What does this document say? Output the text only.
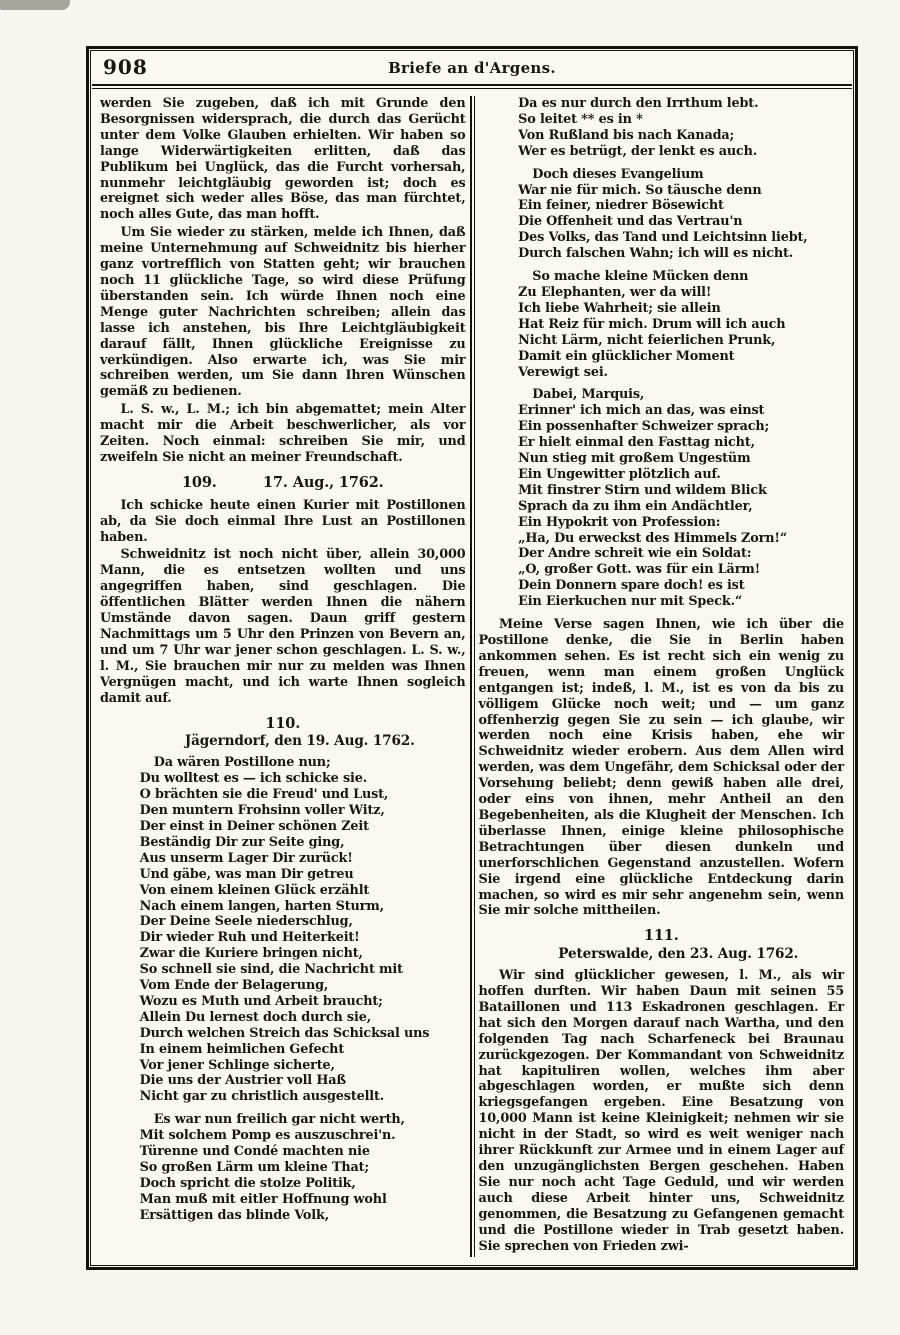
908	Briefe an d'Argens.

werden Sie zugeben, daß ich mit Grunde den Besorgnissen widersprach, die durch das Gerücht unter dem Volke Glauben erhielten. Wir haben so lange Widerwärtigkeiten erlitten, daß das Publikum bei Unglück, das die Furcht vorhersah, nunmehr leichtgläubig geworden ist; doch es ereignet sich weder alles Böse, das man fürchtet, noch alles Gute, das man hofft.

Um Sie wieder zu stärken, melde ich Ihnen, daß meine Unternehmung auf Schweidnitz bis hierher ganz vortrefflich von Statten geht; wir brauchen noch 11 glückliche Tage, so wird diese Prüfung überstanden sein. Ich würde Ihnen noch eine Menge guter Nachrichten schreiben; allein das lasse ich anstehen, bis Ihre Leichtgläubigkeit darauf fällt, Ihnen glückliche Ereignisse zu verkündigen. Also erwarte ich, was Sie mir schreiben werden, um Sie dann Ihren Wünschen gemäß zu bedienen.

L. S. w., L. M.; ich bin abgemattet; mein Alter macht mir die Arbeit beschwerlicher, als vor Zeiten. Noch einmal: schreiben Sie mir, und zweifeln Sie nicht an meiner Freundschaft.

109.	17. Aug., 1762.

Ich schicke heute einen Kurier mit Postillonen ab, da Sie doch einmal Ihre Lust an Postillonen haben.

Schweidnitz ist noch nicht über, allein 30,000 Mann, die es entsetzen wollten und uns angegriffen haben, sind geschlagen. Die öffentlichen Blätter werden Ihnen die nähern Umstände davon sagen. Daun griff gestern Nachmittags um 5 Uhr den Prinzen von Bevern an, und um 7 Uhr war jener schon geschlagen. L. S. w., l. M., Sie brauchen mir nur zu melden was Ihnen Vergnügen macht, und ich warte Ihnen sogleich damit auf.

110.
Jägerndorf, den 19. Aug. 1762.

Da wären Postillone nun;

Du wolltest es — ich schicke sie.

O brächten sie die Freud' und Lust,

Den muntern Frohsinn voller Witz,

Der einst in Deiner schönen Zeit

Beständig Dir zur Seite ging,

Aus unserm Lager Dir zurück!

Und gäbe, was man Dir getreu

Von einem kleinen Glück erzählt

Nach einem langen, harten Sturm,

Der Deine Seele niederschlug,

Dir wieder Ruh und Heiterkeit!

Zwar die Kuriere bringen nicht,

So schnell sie sind, die Nachricht mit

Vom Ende der Belagerung,

Wozu es Muth und Arbeit braucht;

Allein Du lernest doch durch sie,

Durch welchen Streich das Schicksal uns

In einem heimlichen Gefecht

Vor jener Schlinge sicherte,

Die uns der Austrier voll Haß

Nicht gar zu christlich ausgestellt.

Es war nun freilich gar nicht werth,

Mit solchem Pomp es auszuschrei'n.

Türenne und Condé machten nie

So großen Lärm um kleine That;

Doch spricht die stolze Politik,

Man muß mit eitler Hoffnung wohl

Ersättigen das blinde Volk,

Da es nur durch den Irrthum lebt.

So leitet ** es in *

Von Rußland bis nach Kanada;

Wer es betrügt, der lenkt es auch.

Doch dieses Evangelium

War nie für mich. So täusche denn

Ein feiner, niedrer Bösewicht

Die Offenheit und das Vertrau'n

Des Volks, das Tand und Leichtsinn liebt,

Durch falschen Wahn; ich will es nicht.

So mache kleine Mücken denn

Zu Elephanten, wer da will!

Ich liebe Wahrheit; sie allein

Hat Reiz für mich. Drum will ich auch

Nicht Lärm, nicht feierlichen Prunk,

Damit ein glücklicher Moment

Verewigt sei.

Dabei, Marquis,

Erinner' ich mich an das, was einst

Ein possenhafter Schweizer sprach;

Er hielt einmal den Fasttag nicht,

Nun stieg mit großem Ungestüm

Ein Ungewitter plötzlich auf.

Mit finstrer Stirn und wildem Blick

Sprach da zu ihm ein Andächtler,

Ein Hypokrit von Profession:

„Ha, Du erweckst des Himmels Zorn!“

Der Andre schreit wie ein Soldat:

„O, großer Gott. was für ein Lärm!

Dein Donnern spare doch! es ist

Ein Eierkuchen nur mit Speck.“

Meine Verse sagen Ihnen, wie ich über die Postillone denke, die Sie in Berlin haben ankommen sehen. Es ist recht sich ein wenig zu freuen, wenn man einem großen Unglück entgangen ist; indeß, l. M., ist es von da bis zu völligem Glücke noch weit; und — um ganz offenherzig gegen Sie zu sein — ich glaube, wir werden noch eine Krisis haben, ehe wir Schweidnitz wieder erobern. Aus dem Allen wird werden, was dem Ungefähr, dem Schicksal oder der Vorsehung beliebt; denn gewiß haben alle drei, oder eins von ihnen, mehr Antheil an den Begebenheiten, als die Klugheit der Menschen. Ich überlasse Ihnen, einige kleine philosophische Betrachtungen über diesen dunkeln und unerforschlichen Gegenstand anzustellen. Wofern Sie irgend eine glückliche Entdeckung darin machen, so wird es mir sehr angenehm sein, wenn Sie mir solche mittheilen.

111.
Peterswalde, den 23. Aug. 1762.

Wir sind glücklicher gewesen, l. M., als wir hoffen durften. Wir haben Daun mit seinen 55 Bataillonen und 113 Eskadronen geschlagen. Er hat sich den Morgen darauf nach Wartha, und den folgenden Tag nach Scharfeneck bei Braunau zurückgezogen. Der Kommandant von Schweidnitz hat kapituliren wollen, welches ihm aber abgeschlagen worden, er mußte sich denn kriegsgefangen ergeben. Eine Besatzung von 10,000 Mann ist keine Kleinigkeit; nehmen wir sie nicht in der Stadt, so wird es weit weniger nach ihrer Rückkunft zur Armee und in einem Lager auf den unzugänglichsten Bergen geschehen. Haben Sie nur noch acht Tage Geduld, und wir werden auch diese Arbeit hinter uns, Schweidnitz genommen, die Besatzung zu Gefangenen gemacht und die Postillone wieder in Trab gesetzt haben. Sie sprechen von Frieden zwi-
